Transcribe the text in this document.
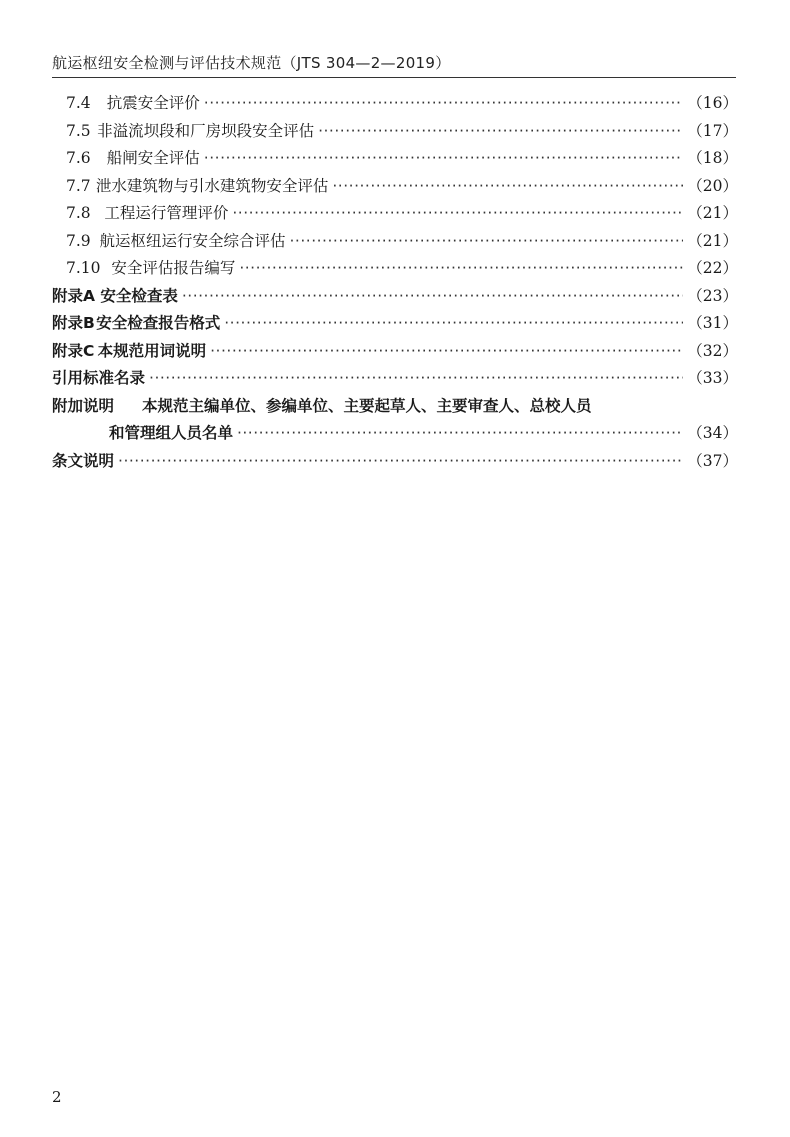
航运枢纽安全检测与评估技术规范（JTS 304—2—2019）
7.4	抗震安全评价 ·····	（16）
7.5 非溢流坝段和厂房坝段安全评估 ·····	（17）
7.6	船闸安全评估 ·····	（18）
7.7 泄水建筑物与引水建筑物安全评估 ·····	（20）
7.8 工程运行管理评价 ·····	（21）
7.9 航运枢纽运行安全综合评估 ·····	（21）
7.10 安全评估报告编写 ·····	（22）
附录A 安全检查表 ·····	（23）
附录B 安全检查报告格式 ·····	（31）
附录C 本规范用词说明 ·····	（32）
引用标准名录 ·····	（33）
附加说明	本规范主编单位、参编单位、主要起草人、主要审查人、总校人员
和管理组人员名单 ·····	（34）
条文说明 ·····	（37）
2
